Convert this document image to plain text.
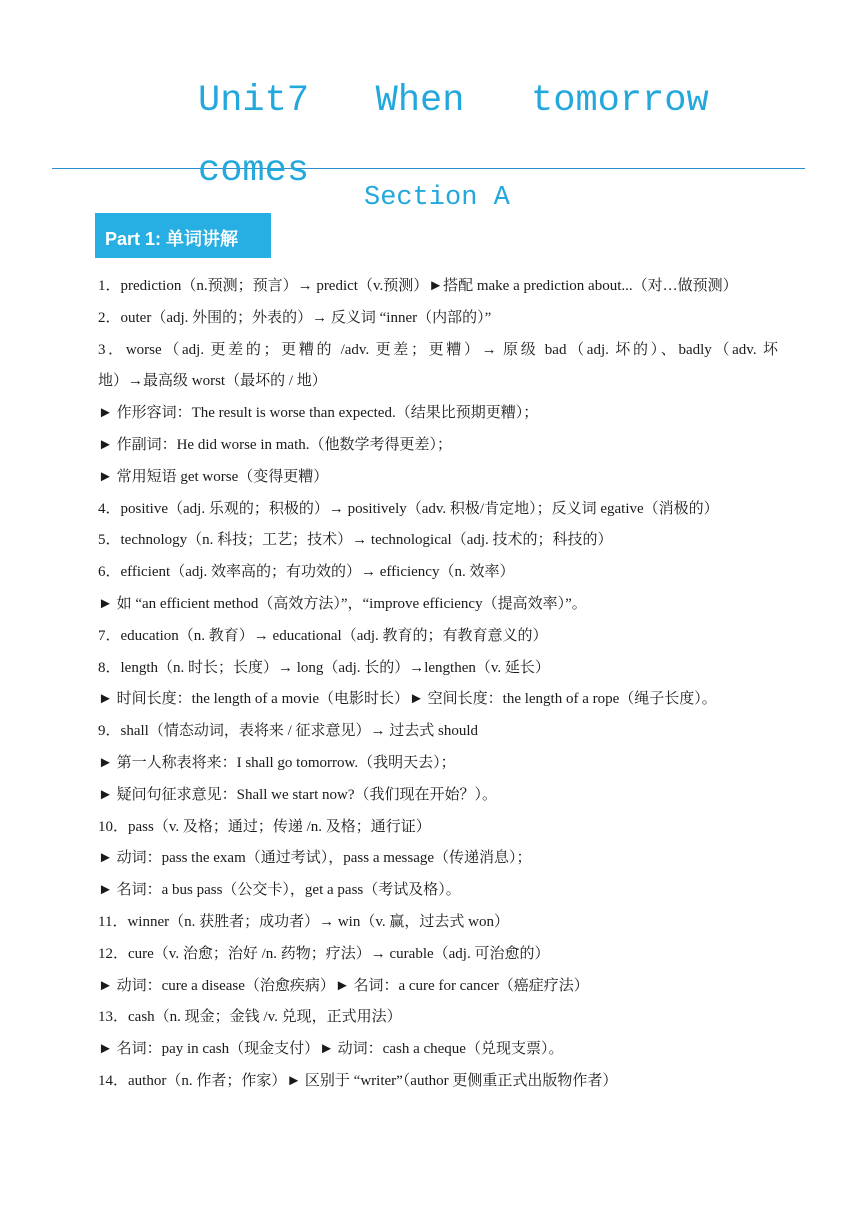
Unit7   When   tomorrow
comes
Section A
Part 1: 单词讲解
1．prediction（n.预测；预言）→ predict（v.预测）►搭配 make a prediction about...（对…做预测）
2．outer（adj. 外围的；外表的）→ 反义词 “inner（内部的）”
3．worse（adj. 更差的；更糟的 /adv. 更差；更糟）→ 原级 bad（adj. 坏的）、badly（adv. 坏
地）→最高级 worst（最坏的 / 地）
► 作形容词：The result is worse than expected.（结果比预期更糟）；
► 作副词：He did worse in math.（他数学考得更差）；
► 常用短语 get worse（变得更糟）
4．positive（adj. 乐观的；积极的）→ positively（adv. 积极/肯定地）；反义词 egative（消极的）
5．technology（n. 科技；工艺；技术）→ technological（adj. 技术的；科技的）
6．efficient（adj. 效率高的；有功效的）→ efficiency（n. 效率）
► 如 “an efficient method（高效方法）”，“improve efficiency（提高效率）”。
7．education（n. 教育）→ educational（adj. 教育的；有教育意义的）
8．length（n. 时长；长度）→ long（adj. 长的）→lengthen（v. 延长）
► 时间长度：the length of a movie（电影时长）► 空间长度：the length of a rope（绳子长度）。
9．shall（情态动词，表将来 / 征求意见）→ 过去式 should
► 第一人称表将来：I shall go tomorrow.（我明天去）；
► 疑问句征求意见：Shall we start now?（我们现在开始？）。
10．pass（v. 及格；通过；传递 /n. 及格；通行证）
► 动词：pass the exam（通过考试），pass a message（传递消息）；
► 名词：a bus pass（公交卡），get a pass（考试及格）。
11．winner（n. 获胜者；成功者）→ win（v. 赢，过去式 won）
12．cure（v. 治愈；治好 /n. 药物；疗法）→ curable（adj. 可治愈的）
► 动词：cure a disease（治愈疾病）► 名词：a cure for cancer（癌症疗法）
13．cash（n. 现金；金钱 /v. 兑现，正式用法）
► 名词：pay in cash（现金支付）► 动词：cash a cheque（兑现支票）。
14．author（n. 作者；作家）► 区别于 “writer”（author 更侧重正式出版物作者）
